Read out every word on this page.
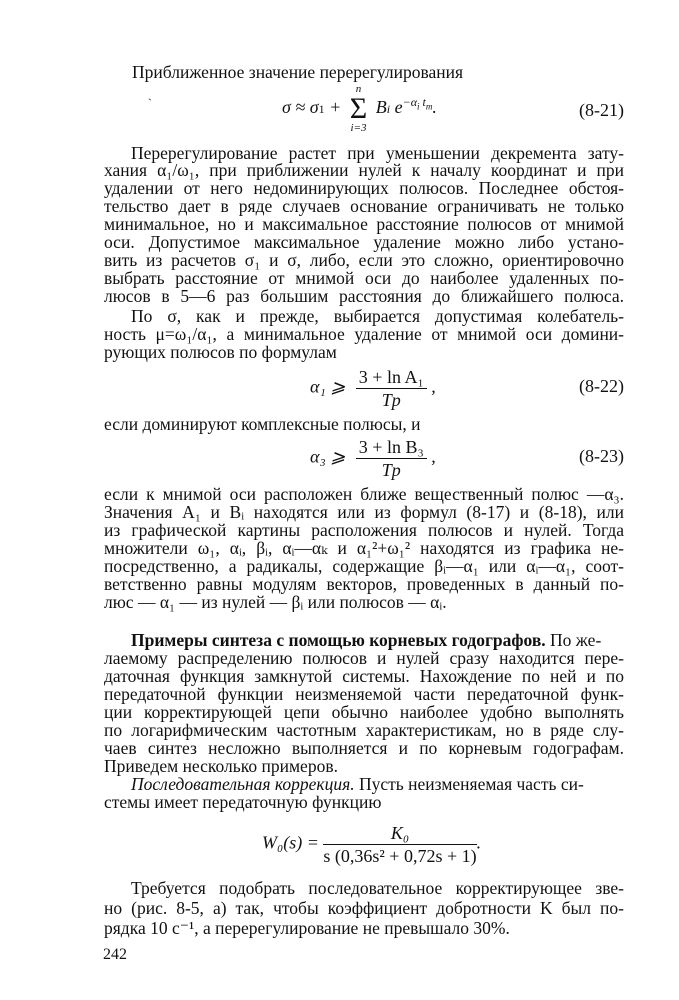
Приближенное значение перерегулирования
`	σ ≈ σ1 +
n
Σ
i=3
Bi $e^{-\alpha_i t_m}$.	(8-21)
Перерегулирование растет при уменьшении декремента зату-
хания α₁/ω₁, при приближении нулей к началу координат и при
удалении от него недоминирующих полюсов. Последнее обстоя-
тельство дает в ряде случаев основание ограничивать не только
минимальное, но и максимальное расстояние полюсов от мнимой
оси. Допустимое максимальное удаление можно либо устано-
вить из расчетов σ₁ и σ, либо, если это сложно, ориентировочно
выбрать расстояние от мнимой оси до наиболее удаленных по-
люсов в 5—6 раз большим расстояния до ближайшего полюса.
По σ, как и прежде, выбирается допустимая колебатель-
ность μ=ω₁/α₁, а минимальное удаление от мнимой оси домини-
рующих полюсов по формулам
α₁ ⩾ $\frac{\text{3 + ln A₁}}{Tр}$ ,	(8-22)
если доминируют комплексные полюсы, и
α₃ ⩾ $\frac{\text{3 + ln B₃}}{Tр}$ ,	(8-23)
если к мнимой оси расположен ближе вещественный полюс —α₃.
Значения A₁ и Bᵢ находятся или из формул (8-17) и (8-18), или
из графической картины расположения полюсов и нулей. Тогда
множители ω₁, αᵢ, βᵢ, αᵢ—αₖ и α₁²+ω₁² находятся из графика не-
посредственно, а радикалы, содержащие βᵢ—α₁ или αᵢ—α₁, соот-
ветственно равны модулям векторов, проведенных в данный по-
люс — α₁ — из нулей — βᵢ или полюсов — αᵢ.
Примеры синтеза с помощью корневых годографов. По же-
лаемому распределению полюсов и нулей сразу находится пере-
даточная функция замкнутой системы. Нахождение по ней и по
передаточной функции неизменяемой части передаточной функ-
ции корректирующей цепи обычно наиболее удобно выполнять
по логарифмическим частотным характеристикам, но в ряде слу-
чаев синтез несложно выполняется и по корневым годографам.
Приведем несколько примеров.
Последовательная коррекция. Пусть неизменяемая часть си-
стемы имеет передаточную функцию
242
$W_0(s) = \frac{\text{K₀}}{\text{s (0,36s² + 0,72s + 1)}}$ .
Требуется подобрать последовательное корректирующее зве-
но (рис. 8-5, а) так, чтобы коэффициент добротности K был по-
рядка 10 с⁻¹, а перерегулирование не превышало 30%.
